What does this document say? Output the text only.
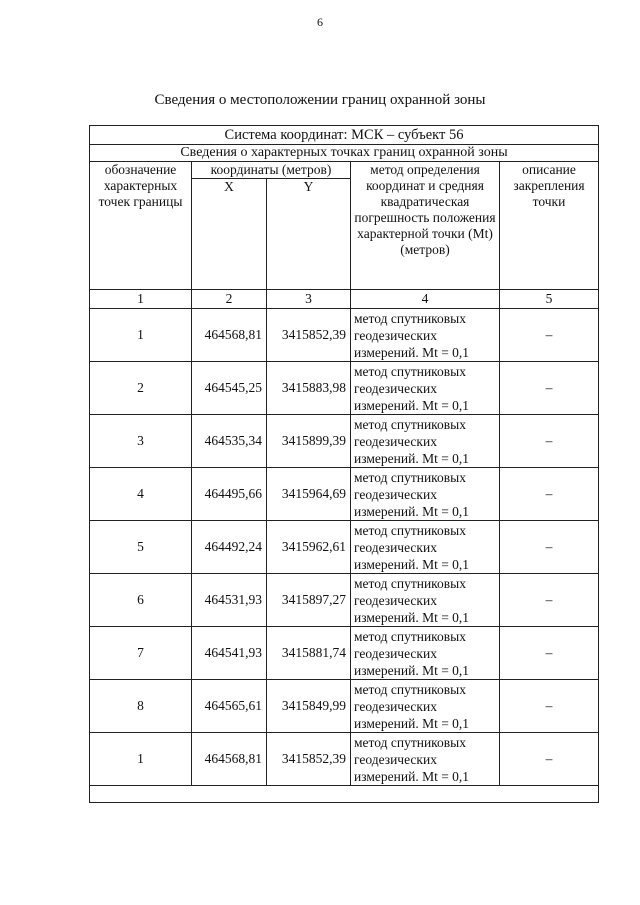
6
Сведения о местоположении границ охранной зоны
Система координат: МСК – субъект 56				
Сведения о характерных точках границ охранной зоны				
обозначение характерных точек границы	координаты (метров)		метод определения координат и средняя квадратическая погрешность положения характерной точки (Mt) (метров)	описание закрепления точки
	X	Y		
1	2	3	4	5
1	464568,81	3415852,39	метод спутниковых геодезических измерений. Mt = 0,1	–
2	464545,25	3415883,98	метод спутниковых геодезических измерений. Mt = 0,1	–
3	464535,34	3415899,39	метод спутниковых геодезических измерений. Mt = 0,1	–
4	464495,66	3415964,69	метод спутниковых геодезических измерений. Mt = 0,1	–
5	464492,24	3415962,61	метод спутниковых геодезических измерений. Mt = 0,1	–
6	464531,93	3415897,27	метод спутниковых геодезических измерений. Mt = 0,1	–
7	464541,93	3415881,74	метод спутниковых геодезических измерений. Mt = 0,1	–
8	464565,61	3415849,99	метод спутниковых геодезических измерений. Mt = 0,1	–
1	464568,81	3415852,39	метод спутниковых геодезических измерений. Mt = 0,1	–
